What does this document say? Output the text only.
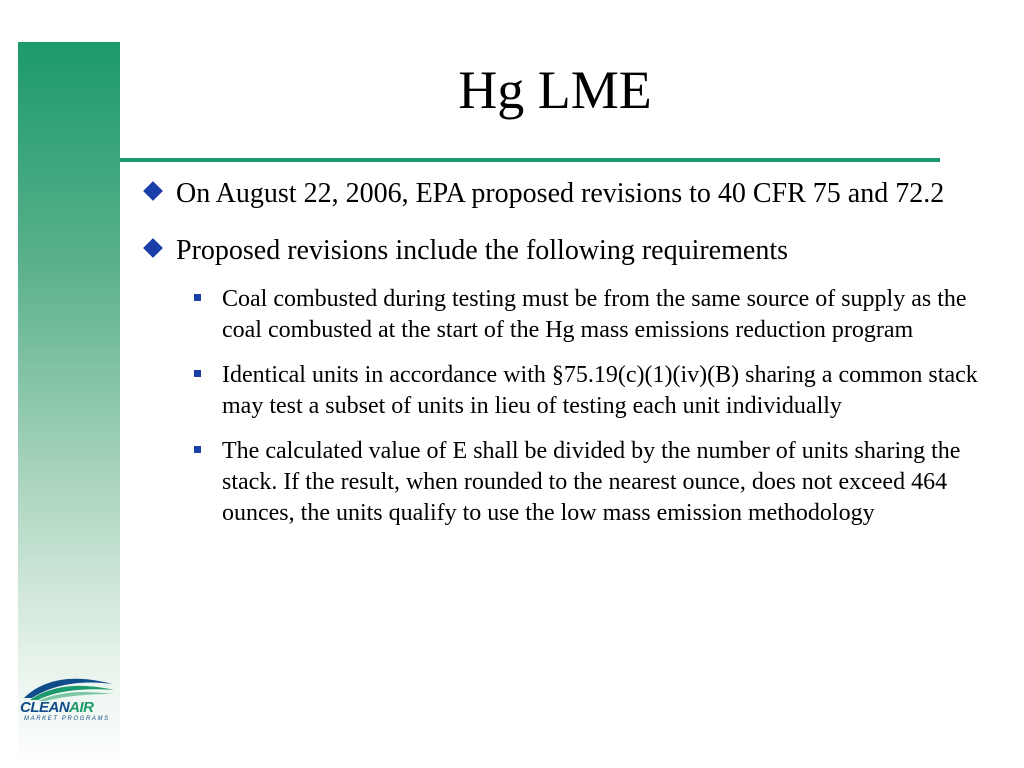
Hg LME
On August 22, 2006, EPA proposed revisions to 40 CFR 75 and 72.2
Proposed revisions include the following requirements
Coal combusted during testing must be from the same source of supply as the coal combusted at the start of the Hg mass emissions reduction program
Identical units in accordance with §75.19(c)(1)(iv)(B) sharing a common stack may test a subset of units in lieu of testing each unit individually
The calculated value of E shall be divided by the number of units sharing the stack. If the result, when rounded to the nearest ounce, does not exceed 464 ounces, the units qualify to use the low mass emission methodology
CLEANAIR
MARKET PROGRAMS
